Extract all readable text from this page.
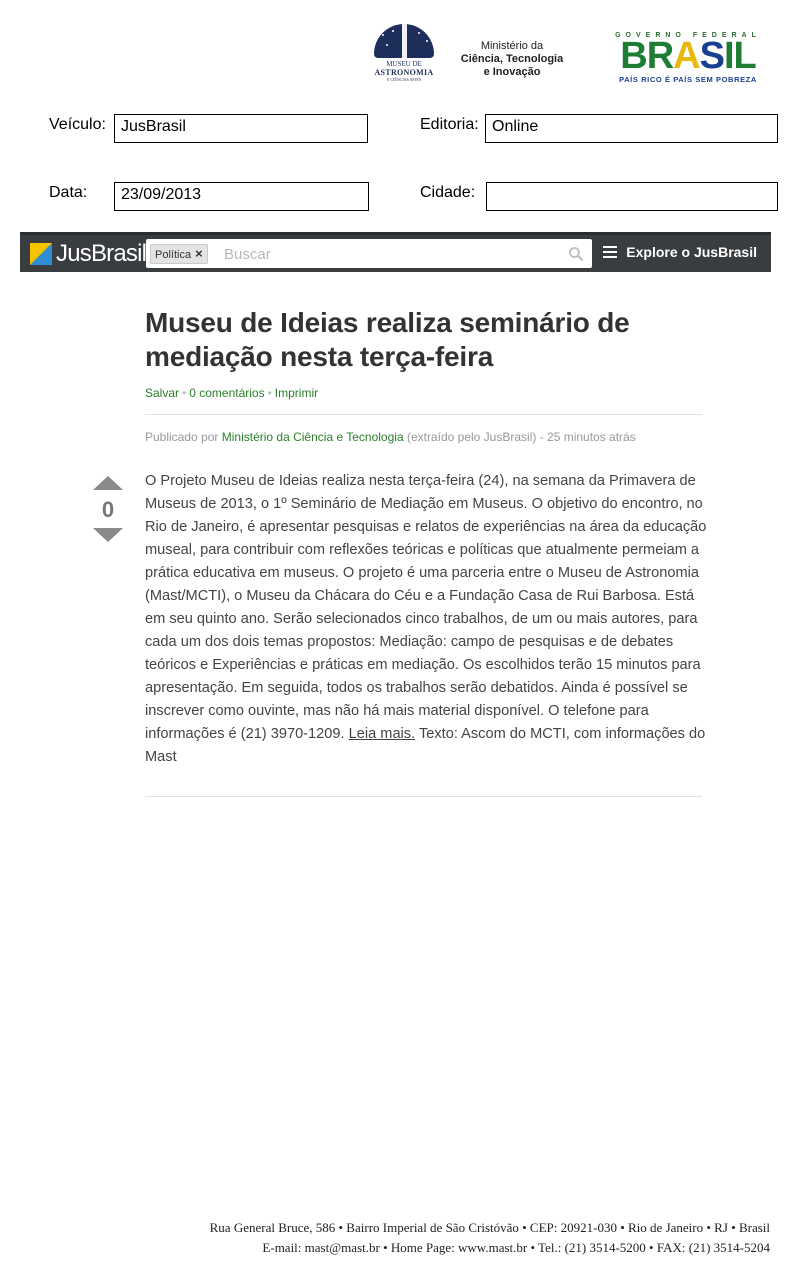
MUSEU DE
ASTRONOMIA
E CIÊNCIAS AFINS
Ministério da
Ciência, Tecnologia
e Inovação
GOVERNO FEDERAL
BRASIL
PAÍS RICO É PAÍS SEM POBREZA
Veículo: JusBrasil	Editoria: Online
Data:	23/09/2013	Cidade:
JusBrasil Política ×
Buscar	Explore o JusBrasil
Museu de Ideias realiza seminário de mediação nesta terça-feira
Salvar • 0 comentários • Imprimir
Publicado por Ministério da Ciência e Tecnologia (extraído pelo JusBrasil) - 25 minutos atrás
0
O Projeto Museu de Ideias realiza nesta terça-feira (24), na semana da Primavera de Museus de 2013, o 1º Seminário de Mediação em Museus. O objetivo do encontro, no Rio de Janeiro, é apresentar pesquisas e relatos de experiências na área da educação museal, para contribuir com reflexões teóricas e políticas que atualmente permeiam a prática educativa em museus. O projeto é uma parceria entre o Museu de Astronomia (Mast/MCTI), o Museu da Chácara do Céu e a Fundação Casa de Rui Barbosa. Está em seu quinto ano. Serão selecionados cinco trabalhos, de um ou mais autores, para cada um dos dois temas propostos: Mediação: campo de pesquisas e de debates teóricos e Experiências e práticas em mediação. Os escolhidos terão 15 minutos para apresentação. Em seguida, todos os trabalhos serão debatidos. Ainda é possível se inscrever como ouvinte, mas não há mais material disponível. O telefone para informações é (21) 3970-1209. Leia mais. Texto: Ascom do MCTI, com informações do Mast
Rua General Bruce, 586 • Bairro Imperial de São Cristóvão • CEP: 20921-030 • Rio de Janeiro • RJ • Brasil
E-mail: mast@mast.br • Home Page: www.mast.br • Tel.: (21) 3514-5200 • FAX: (21) 3514-5204
